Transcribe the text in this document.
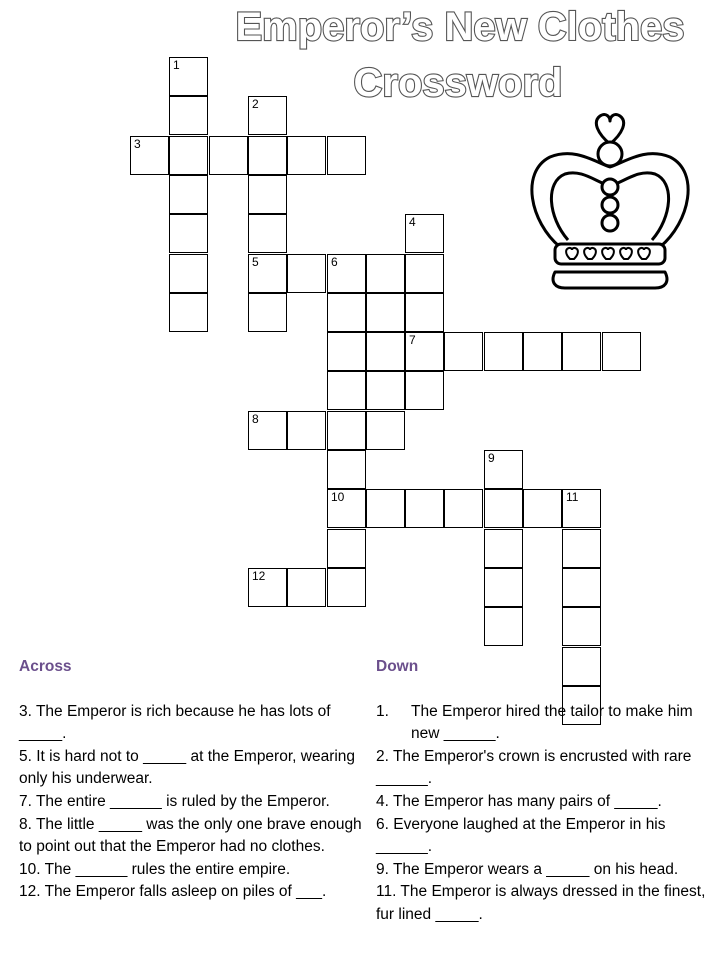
Emperor’s New Clothes
Crossword
1
2
5
3
4
7
6
10
8
9
11
12
Across

3. The Emperor is rich because he has lots of _____.

5. It is hard not to _____ at the Emperor, wearing only his underwear.

7. The entire ______ is ruled by the Emperor.

8. The little _____ was the only one brave enough to point out that the Emperor had no clothes.

10. The ______ rules the entire empire.

12. The Emperor falls asleep on piles of ___.

Down

1. The Emperor hired the tailor to make him new ______.

2. The Emperor's crown is encrusted with rare ______.

4. The Emperor has many pairs of _____.

6. Everyone laughed at the Emperor in his ______.

9. The Emperor wears a _____ on his head.

11. The Emperor is always dressed in the finest, fur lined _____.
